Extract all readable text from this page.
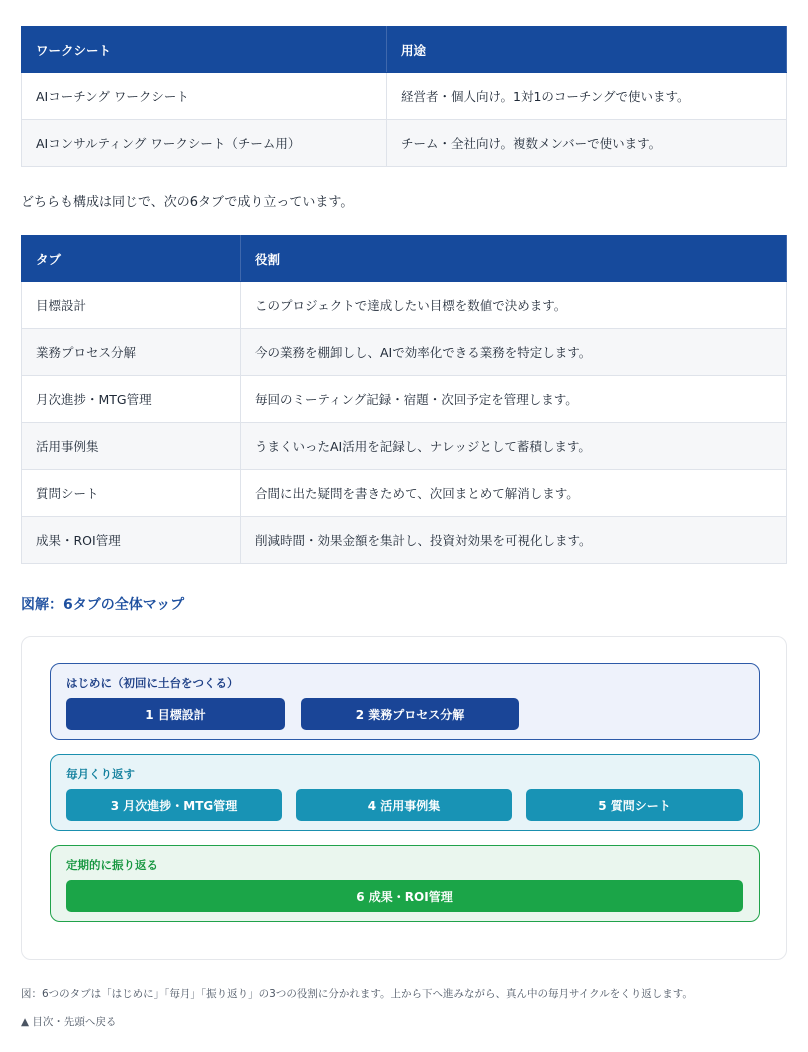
ワークシート	用途
AIコーチング ワークシート	経営者・個人向け。1対1のコーチングで使います。
AIコンサルティング ワークシート（チーム用）	チーム・全社向け。複数メンバーで使います。

どちらも構成は同じで、次の6タブで成り立っています。

タブ	役割
目標設計	このプロジェクトで達成したい目標を数値で決めます。
業務プロセス分解	今の業務を棚卸しし、AIで効率化できる業務を特定します。
月次進捗・MTG管理	毎回のミーティング記録・宿題・次回予定を管理します。
活用事例集	うまくいったAI活用を記録し、ナレッジとして蓄積します。
質問シート	合間に出た疑問を書きためて、次回まとめて解消します。
成果・ROI管理	削減時間・効果金額を集計し、投資対効果を可視化します。
図解：6タブの全体マップ
はじめに（初回に土台をつくる）
1 目標設計	2 業務プロセス分解
毎月くり返す
3 月次進捗・MTG管理	4 活用事例集	5 質問シート
定期的に振り返る
6 成果・ROI管理

図：6つのタブは「はじめに」「毎月」「振り返り」の3つの役割に分かれます。上から下へ進みながら、真ん中の毎月サイクルをくり返します。

▲ 目次・先頭へ戻る
